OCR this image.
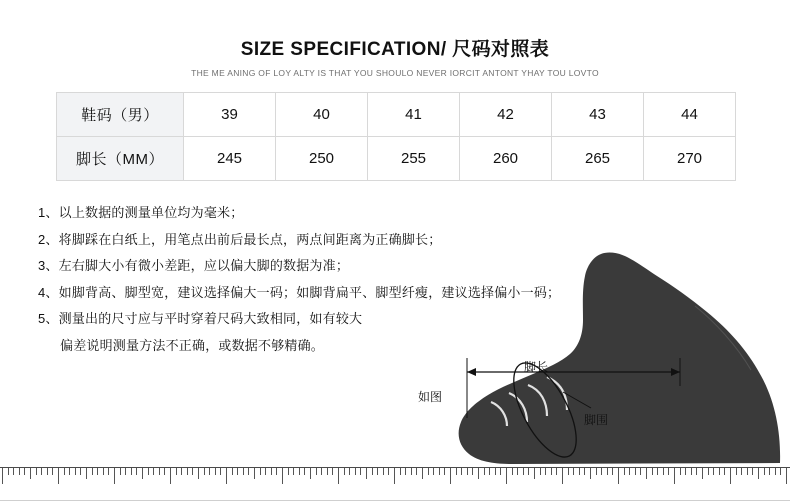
SIZE SPECIFICATION/ 尺码对照表
THE ME ANING OF LOY ALTY IS THAT YOU SHOULO NEVER IORCIT ANTONT YHAY TOU LOVTO
鞋码（男）	39	40	41	42	43	44
脚长（MM）	245	250	255	260	265	270
1、以上数据的测量单位均为毫米；
2、将脚踩在白纸上，用笔点出前后最长点，两点间距离为正确脚长；
3、左右脚大小有微小差距，应以偏大脚的数据为准；
4、如脚背高、脚型宽，建议选择偏大一码；如脚背扁平、脚型纤瘦，建议选择偏小一码；
5、测量出的尺寸应与平时穿着尺码大致相同，如有较大
偏差说明测量方法不正确，或数据不够精确。
如图
脚长
脚围
